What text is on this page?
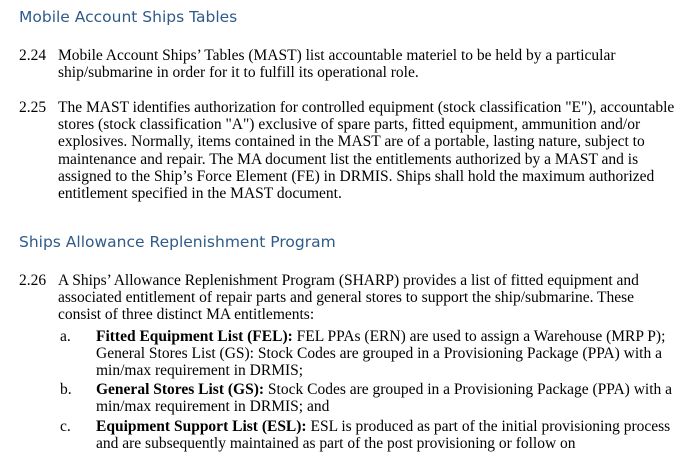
Mobile Account Ships Tables
2.24 Mobile Account Ships’ Tables (MAST) list accountable materiel to be held by a particular ship/submarine in order for it to fulfill its operational role.
2.25 The MAST identifies authorization for controlled equipment (stock classification "E"), accountable stores (stock classification "A") exclusive of spare parts, fitted equipment, ammunition and/or explosives. Normally, items contained in the MAST are of a portable, lasting nature, subject to maintenance and repair. The MA document list the entitlements authorized by a MAST and is assigned to the Ship’s Force Element (FE) in DRMIS. Ships shall hold the maximum authorized entitlement specified in the MAST document.
Ships Allowance Replenishment Program
2.26 A Ships’ Allowance Replenishment Program (SHARP) provides a list of fitted equipment and associated entitlement of repair parts and general stores to support the ship/submarine. These consist of three distinct MA entitlements:
a. Fitted Equipment List (FEL): FEL PPAs (ERN) are used to assign a Warehouse (MRP P); General Stores List (GS): Stock Codes are grouped in a Provisioning Package (PPA) with a min/max requirement in DRMIS;
b. General Stores List (GS): Stock Codes are grouped in a Provisioning Package (PPA) with a min/max requirement in DRMIS; and
c. Equipment Support List (ESL): ESL is produced as part of the initial provisioning process and are subsequently maintained as part of the post provisioning or follow on
